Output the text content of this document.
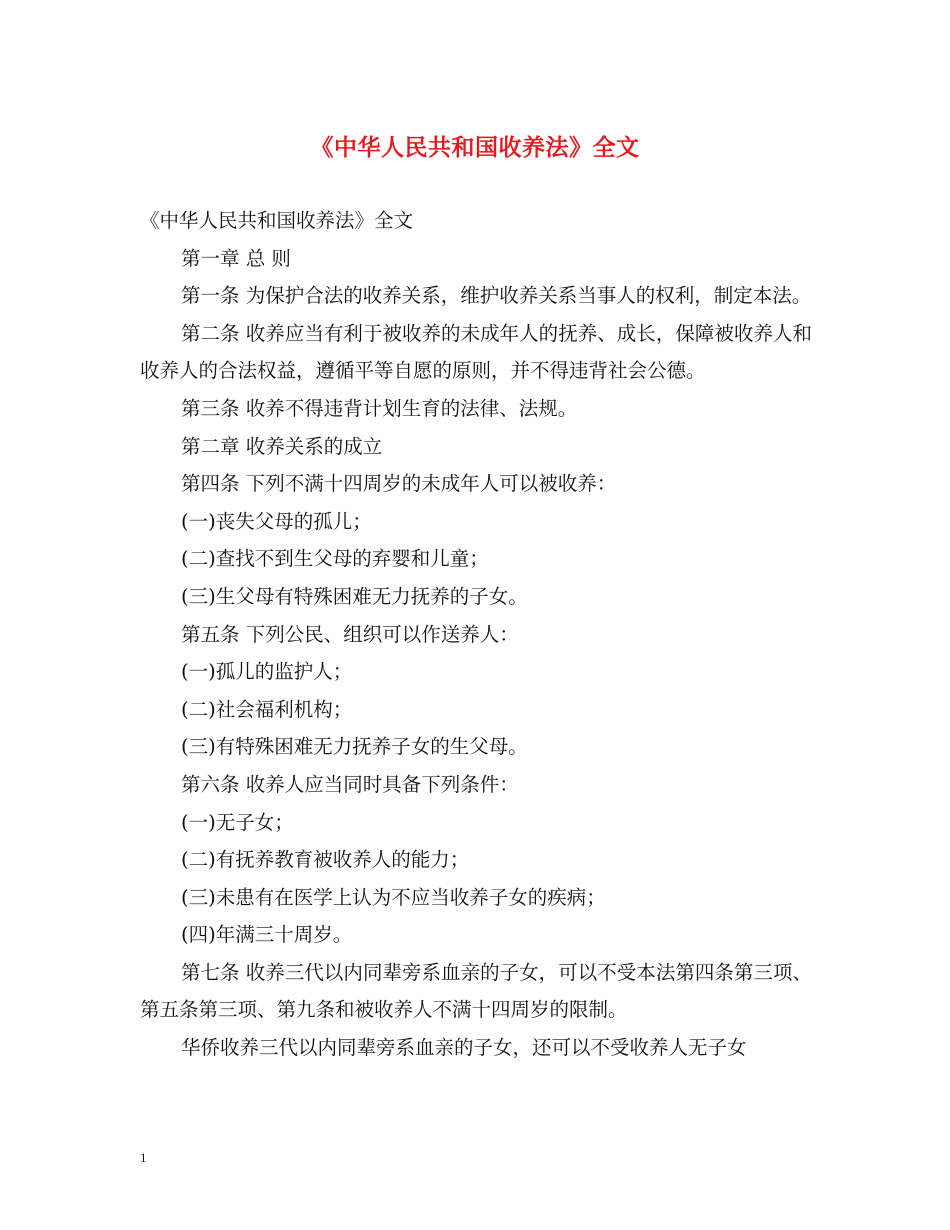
《中华人民共和国收养法》全文

《中华人民共和国收养法》全文

第一章 总 则

第一条 为保护合法的收养关系，维护收养关系当事人的权利，制定本法。

第二条 收养应当有利于被收养的未成年人的抚养、成长，保障被收养人和收养人的合法权益，遵循平等自愿的原则，并不得违背社会公德。

第三条 收养不得违背计划生育的法律、法规。

第二章 收养关系的成立

第四条 下列不满十四周岁的未成年人可以被收养：

(一)丧失父母的孤儿；

(二)查找不到生父母的弃婴和儿童；

(三)生父母有特殊困难无力抚养的子女。

第五条 下列公民、组织可以作送养人：

(一)孤儿的监护人；

(二)社会福利机构；

(三)有特殊困难无力抚养子女的生父母。

第六条 收养人应当同时具备下列条件：

(一)无子女；

(二)有抚养教育被收养人的能力；

(三)未患有在医学上认为不应当收养子女的疾病；

(四)年满三十周岁。

第七条 收养三代以内同辈旁系血亲的子女，可以不受本法第四条第三项、第五条第三项、第九条和被收养人不满十四周岁的限制。

华侨收养三代以内同辈旁系血亲的子女，还可以不受收养人无子女

1
